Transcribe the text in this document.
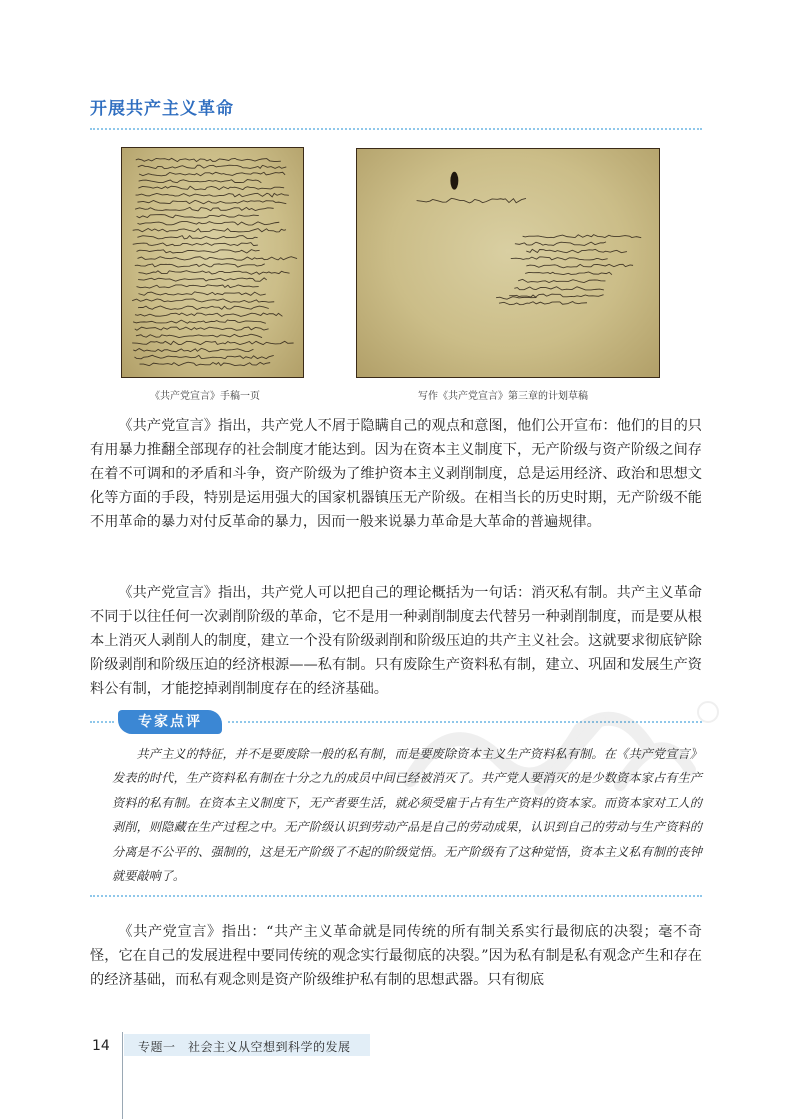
开展共产主义革命
《共产党宣言》手稿一页	写作《共产党宣言》第三章的计划草稿
《共产党宣言》指出，共产党人不屑于隐瞒自己的观点和意图，他们公开宣布：他们的目的只有用暴力推翻全部现存的社会制度才能达到。因为在资本主义制度下，无产阶级与资产阶级之间存在着不可调和的矛盾和斗争，资产阶级为了维护资本主义剥削制度，总是运用经济、政治和思想文化等方面的手段，特别是运用强大的国家机器镇压无产阶级。在相当长的历史时期，无产阶级不能不用革命的暴力对付反革命的暴力，因而一般来说暴力革命是大革命的普遍规律。
《共产党宣言》指出，共产党人可以把自己的理论概括为一句话：消灭私有制。共产主义革命不同于以往任何一次剥削阶级的革命，它不是用一种剥削制度去代替另一种剥削制度，而是要从根本上消灭人剥削人的制度，建立一个没有阶级剥削和阶级压迫的共产主义社会。这就要求彻底铲除阶级剥削和阶级压迫的经济根源——私有制。只有废除生产资料私有制，建立、巩固和发展生产资料公有制，才能挖掉剥削制度存在的经济基础。
专家点评
共产主义的特征，并不是要废除一般的私有制，而是要废除资本主义生产资料私有制。在《共产党宣言》发表的时代，生产资料私有制在十分之九的成员中间已经被消灭了。共产党人要消灭的是少数资本家占有生产资料的私有制。在资本主义制度下，无产者要生活，就必须受雇于占有生产资料的资本家。而资本家对工人的剥削，则隐藏在生产过程之中。无产阶级认识到劳动产品是自己的劳动成果，认识到自己的劳动与生产资料的分离是不公平的、强制的，这是无产阶级了不起的阶级觉悟。无产阶级有了这种觉悟，资本主义私有制的丧钟就要敲响了。
《共产党宣言》指出：“共产主义革命就是同传统的所有制关系实行最彻底的决裂；毫不奇怪，它在自己的发展进程中要同传统的观念实行最彻底的决裂。”因为私有制是私有观念产生和存在的经济基础，而私有观念则是资产阶级维护私有制的思想武器。只有彻底
14 专题一　社会主义从空想到科学的发展
